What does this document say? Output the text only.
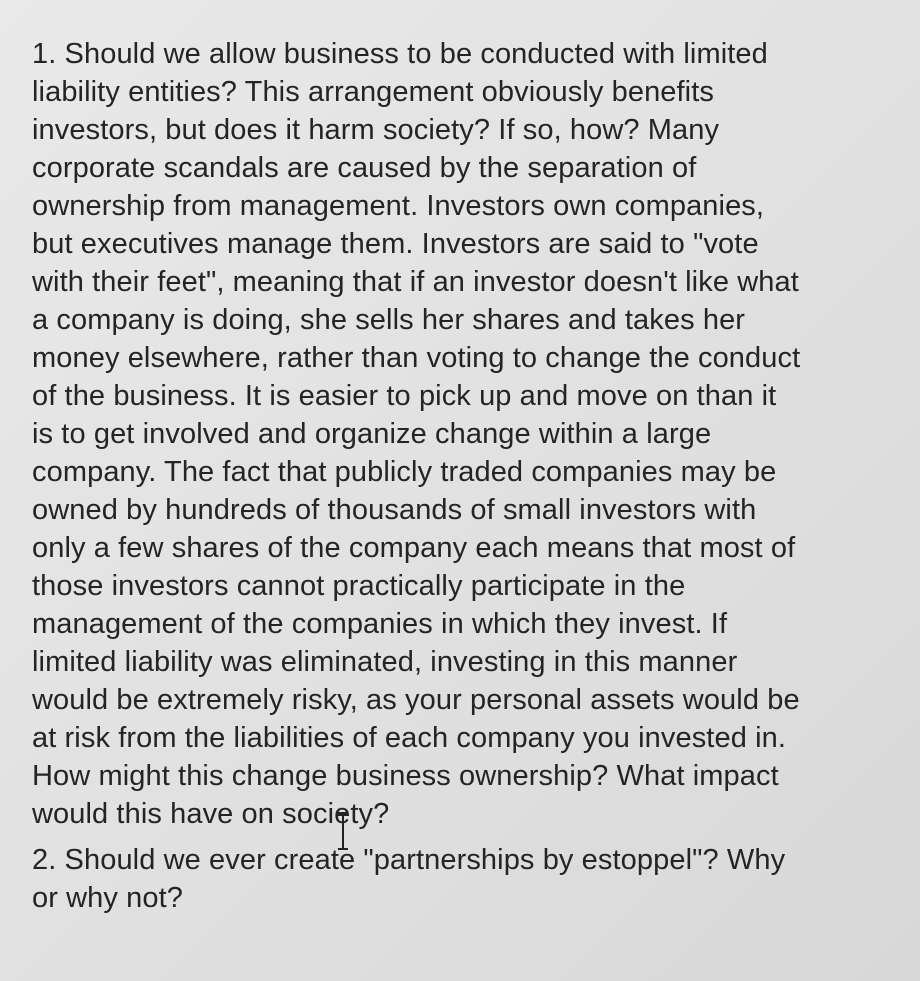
1. Should we allow business to be conducted with limited
liability entities? This arrangement obviously benefits
investors, but does it harm society? If so, how? Many
corporate scandals are caused by the separation of
ownership from management. Investors own companies,
but executives manage them. Investors are said to "vote
with their feet", meaning that if an investor doesn't like what
a company is doing, she sells her shares and takes her
money elsewhere, rather than voting to change the conduct
of the business. It is easier to pick up and move on than it
is to get involved and organize change within a large
company. The fact that publicly traded companies may be
owned by hundreds of thousands of small investors with
only a few shares of the company each means that most of
those investors cannot practically participate in the
management of the companies in which they invest. If
limited liability was eliminated, investing in this manner
would be extremely risky, as your personal assets would be
at risk from the liabilities of each company you invested in.
How might this change business ownership? What impact
would this have on society?
2. Should we ever create "partnerships by estoppel"? Why
or why not?
